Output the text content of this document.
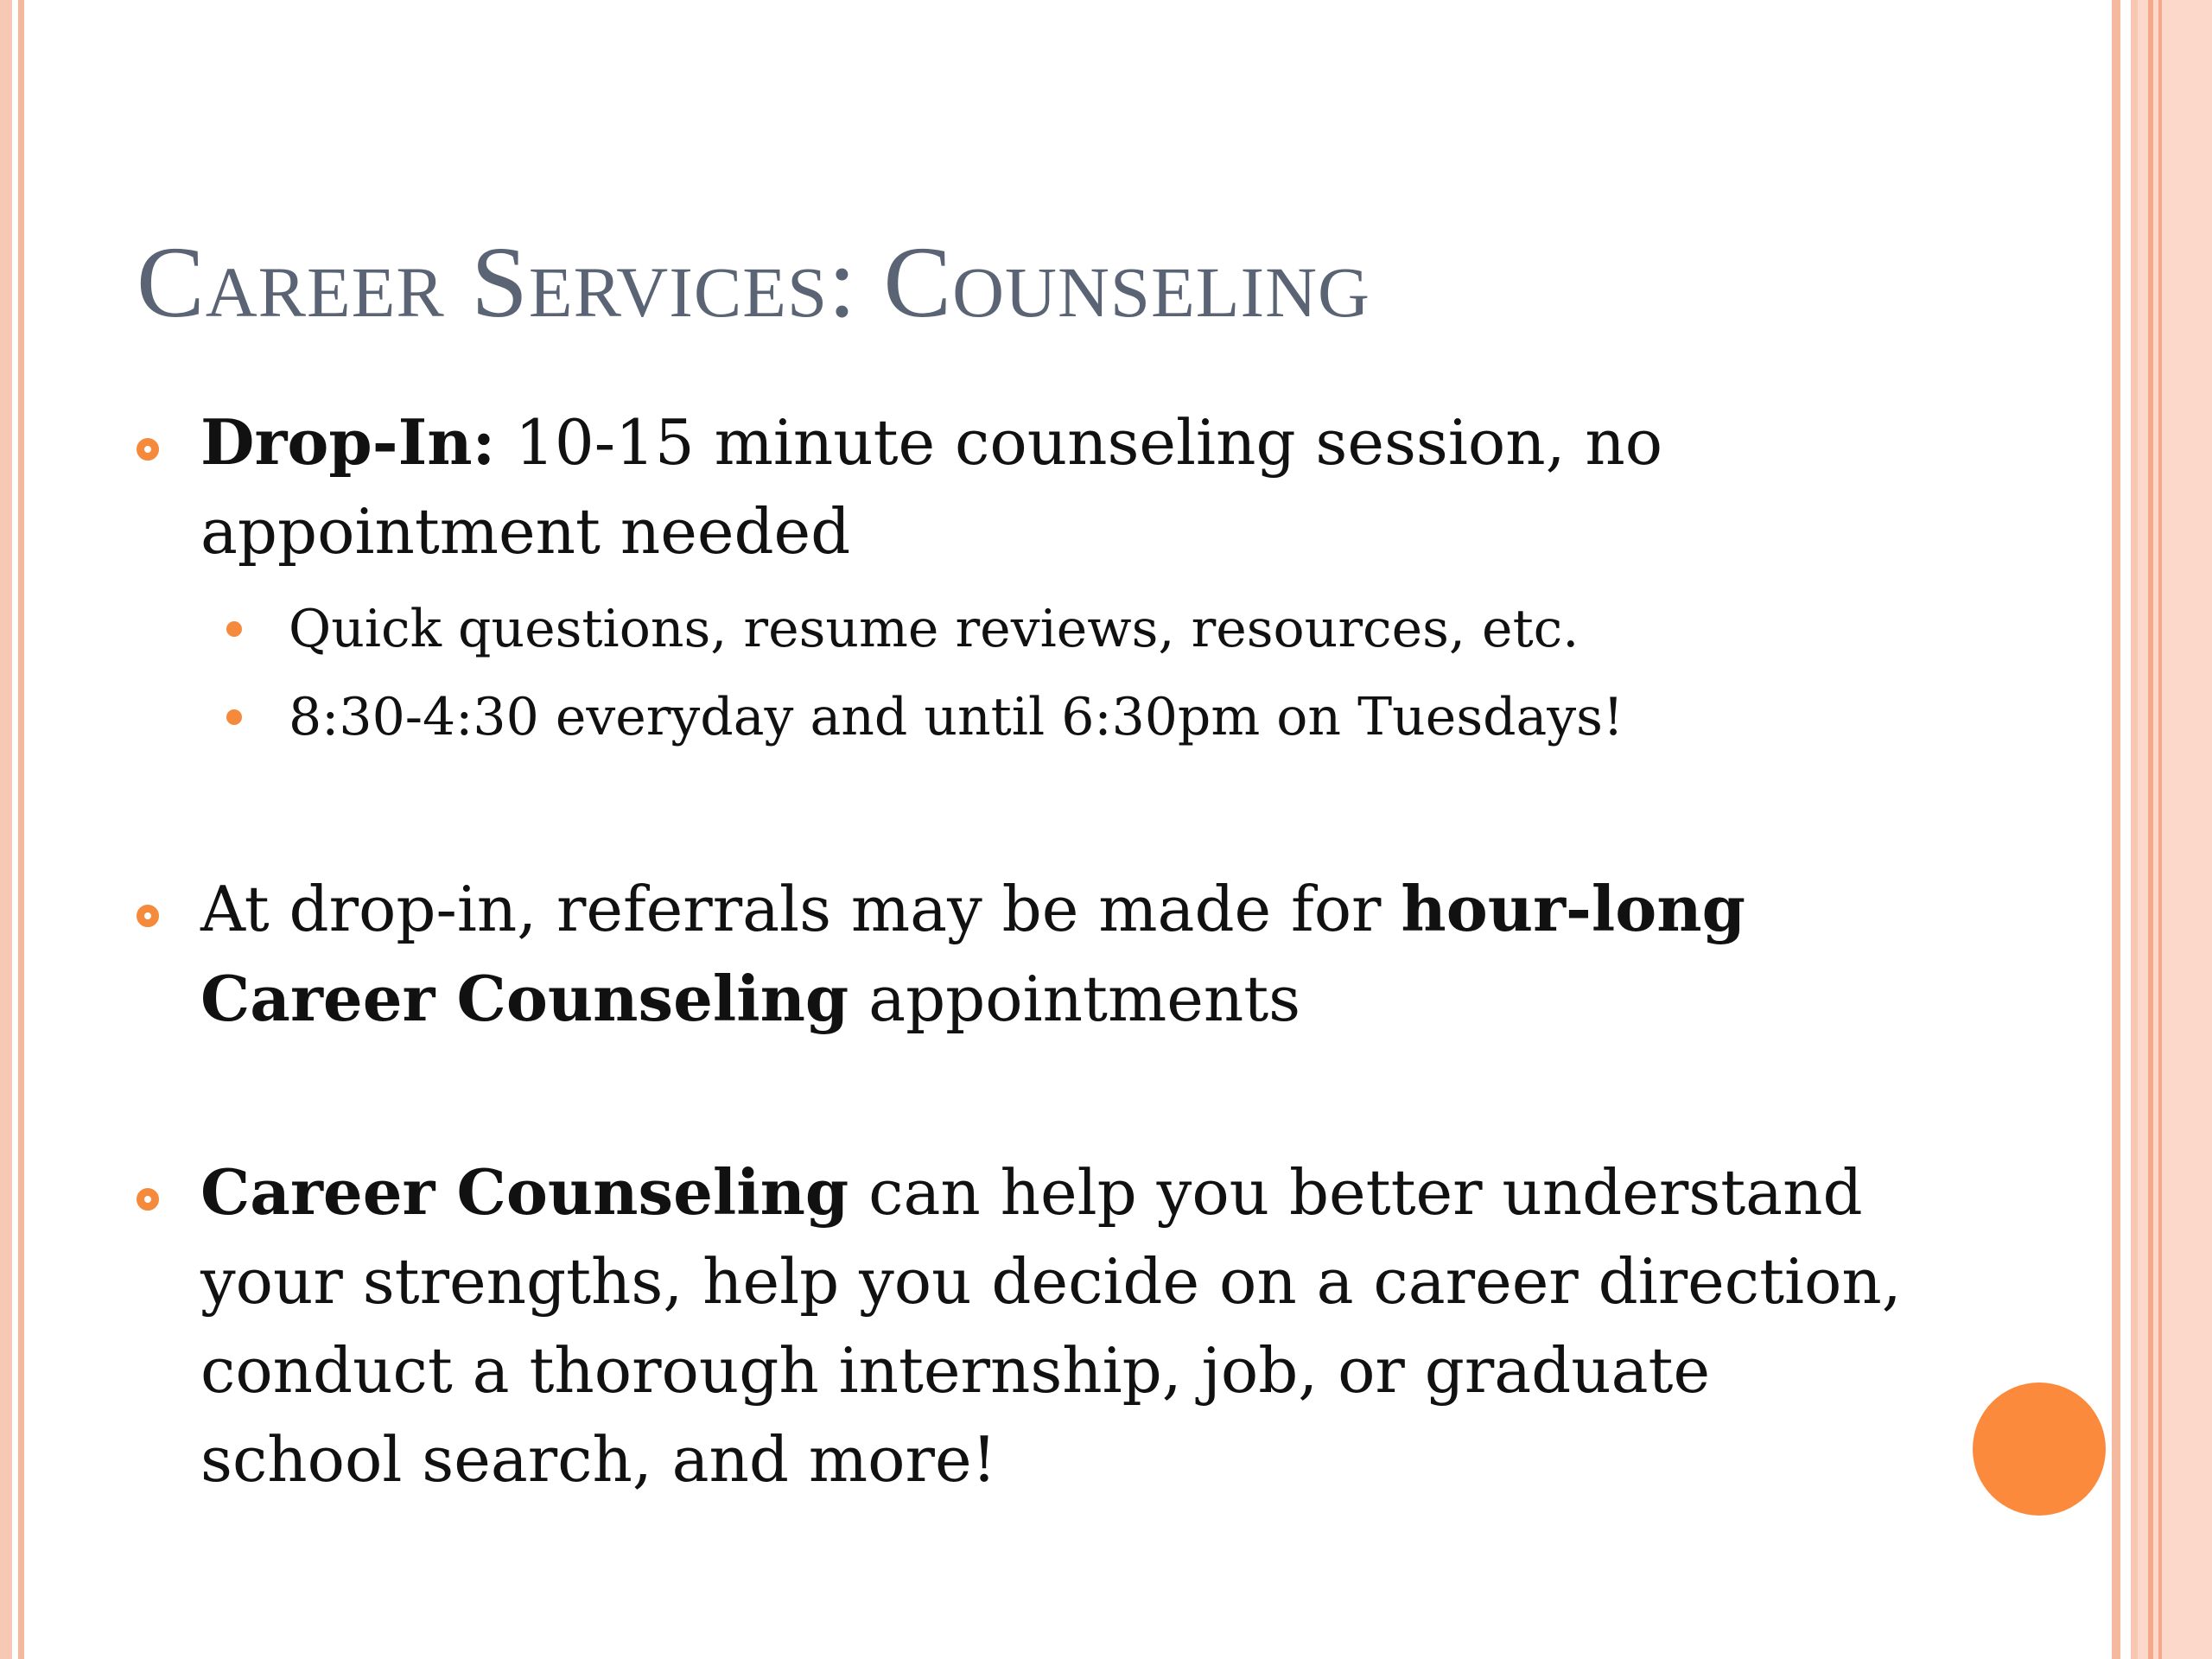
Career Services: Counseling
Drop-In: 10-15 minute counseling session, no appointment needed
Quick questions, resume reviews, resources, etc.
8:30-4:30 everyday and until 6:30pm on Tuesdays!
At drop-in, referrals may be made for hour-long Career Counseling appointments
Career Counseling can help you better understand your strengths, help you decide on a career direction, conduct a thorough internship, job, or graduate school search, and more!
